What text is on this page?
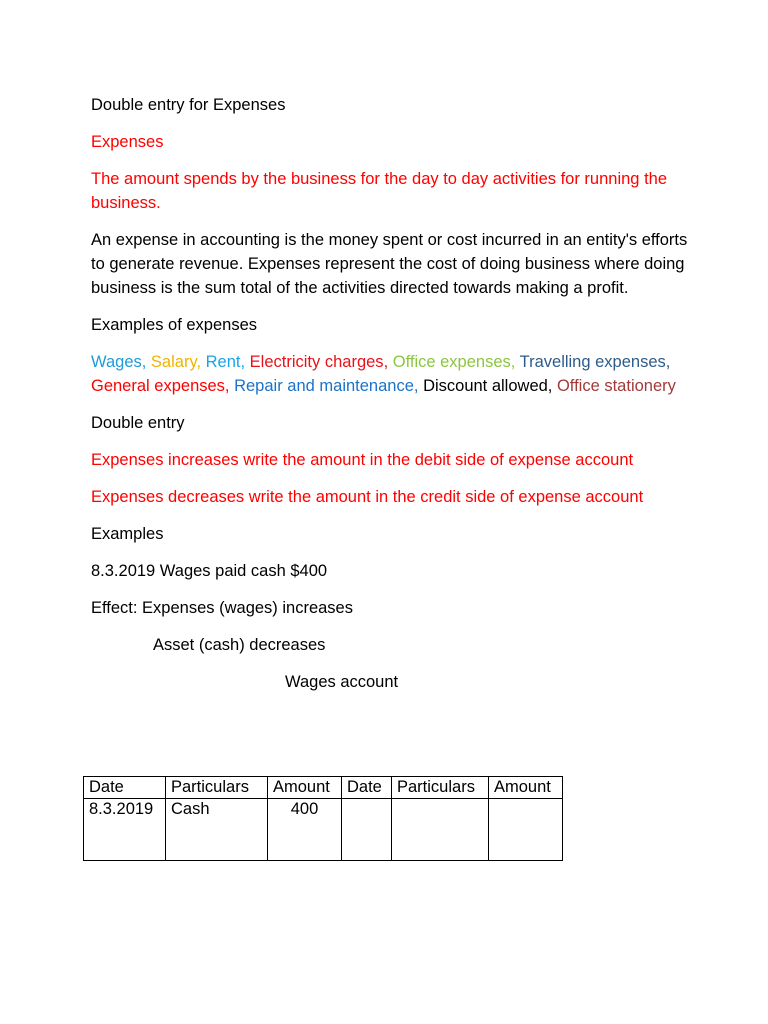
Double entry for Expenses

Expenses

The amount spends by the business for the day to day activities for running the business.

An expense in accounting is the money spent or cost incurred in an entity's efforts to generate revenue. Expenses represent the cost of doing business where doing business is the sum total of the activities directed towards making a profit.

Examples of expenses

Wages, Salary, Rent, Electricity charges, Office expenses, Travelling expenses, General expenses, Repair and maintenance, Discount allowed, Office stationery

Double entry

Expenses increases write the amount in the debit side of expense account

Expenses decreases write the amount in the credit side of expense account

Examples

8.3.2019 Wages paid cash $400

Effect: Expenses (wages) increases

Asset (cash) decreases

Wages account

Date	Particulars	Amount	Date	Particulars	Amount
8.3.2019	Cash	400			
